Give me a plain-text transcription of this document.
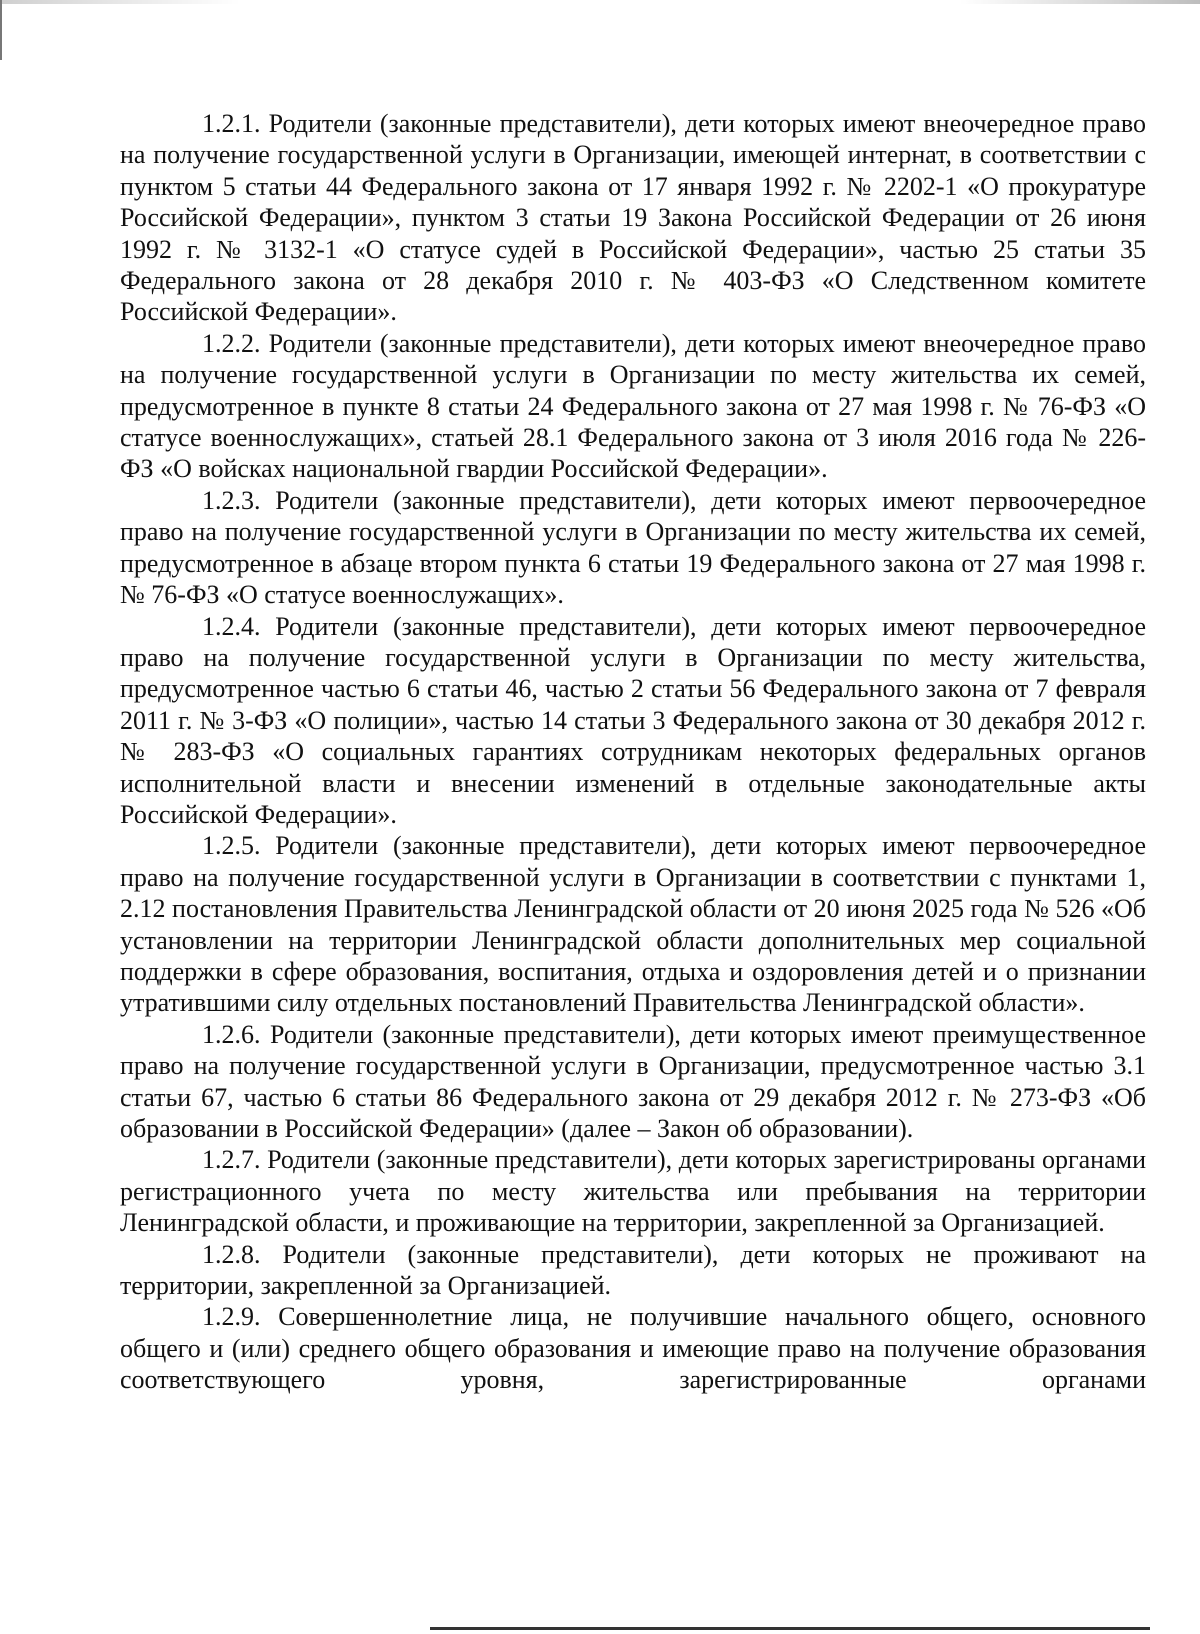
1.2.1. Родители (законные представители), дети которых имеют внеочередное право на получение государственной услуги в Организации, имеющей интернат, в соответствии с пунктом 5 статьи 44 Федерального закона от 17 января 1992 г. № 2202-1 «О прокуратуре Российской Федерации», пунктом 3 статьи 19 Закона Российской Федерации от 26 июня 1992 г. № 3132-1 «О статусе судей в Российской Федерации», частью 25 статьи 35 Федерального закона от 28 декабря 2010 г. № 403-ФЗ «О Следственном комитете Российской Федерации».

1.2.2. Родители (законные представители), дети которых имеют внеочередное право на получение государственной услуги в Организации по месту жительства их семей, предусмотренное в пункте 8 статьи 24 Федерального закона от 27 мая 1998 г. № 76-ФЗ «О статусе военнослужащих», статьей 28.1 Федерального закона от 3 июля 2016 года № 226-ФЗ «О войсках национальной гвардии Российской Федерации».

1.2.3. Родители (законные представители), дети которых имеют первоочередное право на получение государственной услуги в Организации по месту жительства их семей, предусмотренное в абзаце втором пункта 6 статьи 19 Федерального закона от 27 мая 1998 г. № 76-ФЗ «О статусе военнослужащих».

1.2.4. Родители (законные представители), дети которых имеют первоочередное право на получение государственной услуги в Организации по месту жительства, предусмотренное частью 6 статьи 46, частью 2 статьи 56 Федерального закона от 7 февраля 2011 г. № 3-ФЗ «О полиции», частью 14 статьи 3 Федерального закона от 30 декабря 2012 г. № 283-ФЗ «О социальных гарантиях сотрудникам некоторых федеральных органов исполнительной власти и внесении изменений в отдельные законодательные акты Российской Федерации».

1.2.5. Родители (законные представители), дети которых имеют первоочередное право на получение государственной услуги в Организации в соответствии с пунктами 1, 2.12 постановления Правительства Ленинградской области от 20 июня 2025 года № 526 «Об установлении на территории Ленинградской области дополнительных мер социальной поддержки в сфере образования, воспитания, отдыха и оздоровления детей и о признании утратившими силу отдельных постановлений Правительства Ленинградской области».

1.2.6. Родители (законные представители), дети которых имеют преимущественное право на получение государственной услуги в Организации, предусмотренное частью 3.1 статьи 67, частью 6 статьи 86 Федерального закона от 29 декабря 2012 г. № 273-ФЗ «Об образовании в Российской Федерации» (далее – Закон об образовании).

1.2.7. Родители (законные представители), дети которых зарегистрированы органами регистрационного учета по месту жительства или пребывания на территории Ленинградской области, и проживающие на территории, закрепленной за Организацией.

1.2.8. Родители (законные представители), дети которых не проживают на территории, закрепленной за Организацией.

1.2.9. Совершеннолетние лица, не получившие начального общего, основного общего и (или) среднего общего образования и имеющие право на получение образования соответствующего уровня, зарегистрированные органами
